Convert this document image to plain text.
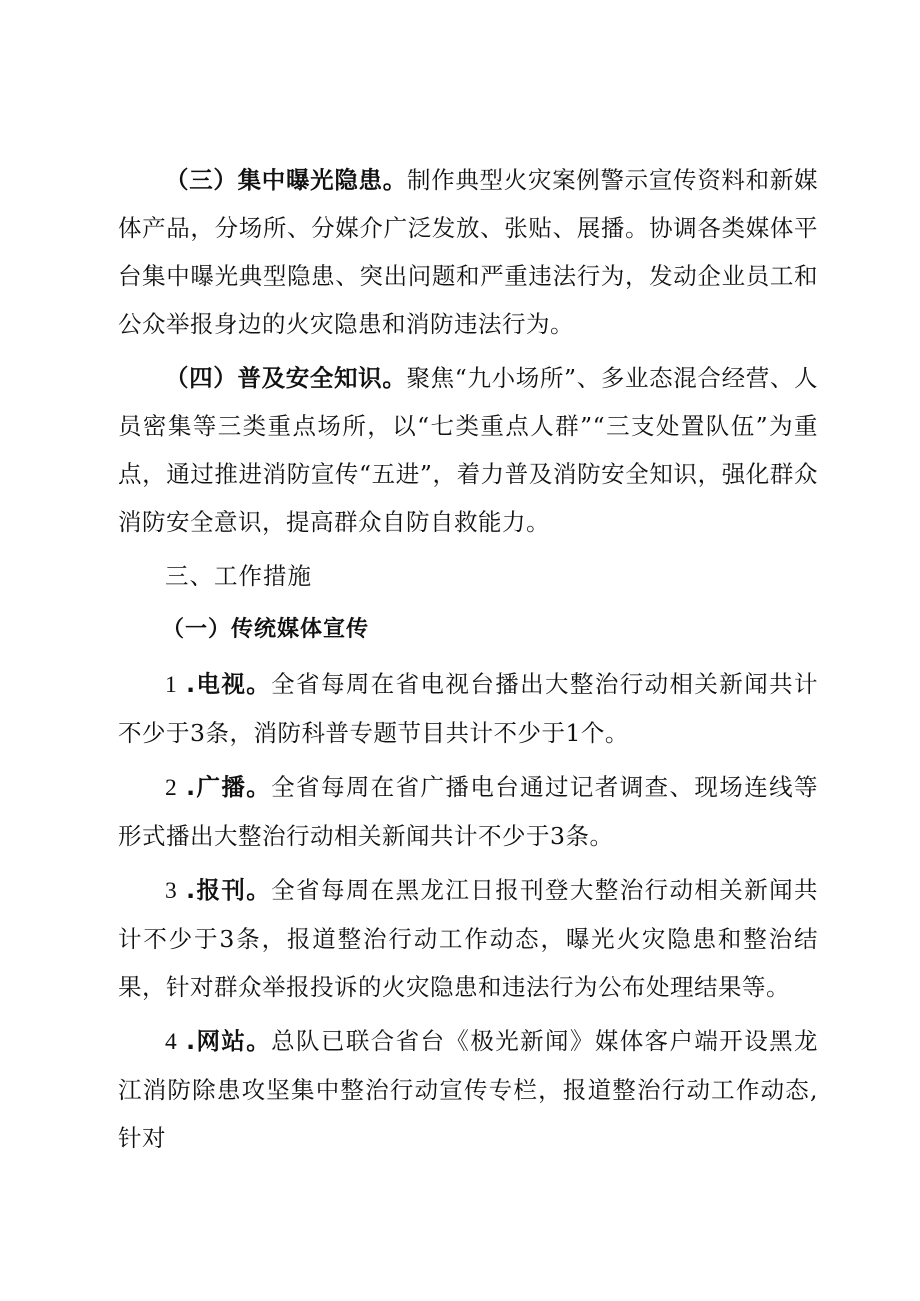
（三）集中曝光隐患。制作典型火灾案例警示宣传资料和新媒体产品，分场所、分媒介广泛发放、张贴、展播。协调各类媒体平台集中曝光典型隐患、突出问题和严重违法行为，发动企业员工和公众举报身边的火灾隐患和消防违法行为。

（四）普及安全知识。聚焦“九小场所”、多业态混合经营、人员密集等三类重点场所，以“七类重点人群”“三支处置队伍”为重点，通过推进消防宣传“五进”，着力普及消防安全知识，强化群众消防安全意识，提高群众自防自救能力。

三、工作措施
（一）传统媒体宣传

1 .电视。全省每周在省电视台播出大整治行动相关新闻共计不少于3条，消防科普专题节目共计不少于1个。

2 .广播。全省每周在省广播电台通过记者调查、现场连线等形式播出大整治行动相关新闻共计不少于3条。

3 .报刊。全省每周在黑龙江日报刊登大整治行动相关新闻共计不少于3条，报道整治行动工作动态，曝光火灾隐患和整治结果，针对群众举报投诉的火灾隐患和违法行为公布处理结果等。

4 .网站。总队已联合省台《极光新闻》媒体客户端开设黑龙江消防除患攻坚集中整治行动宣传专栏，报道整治行动工作动态,针对
